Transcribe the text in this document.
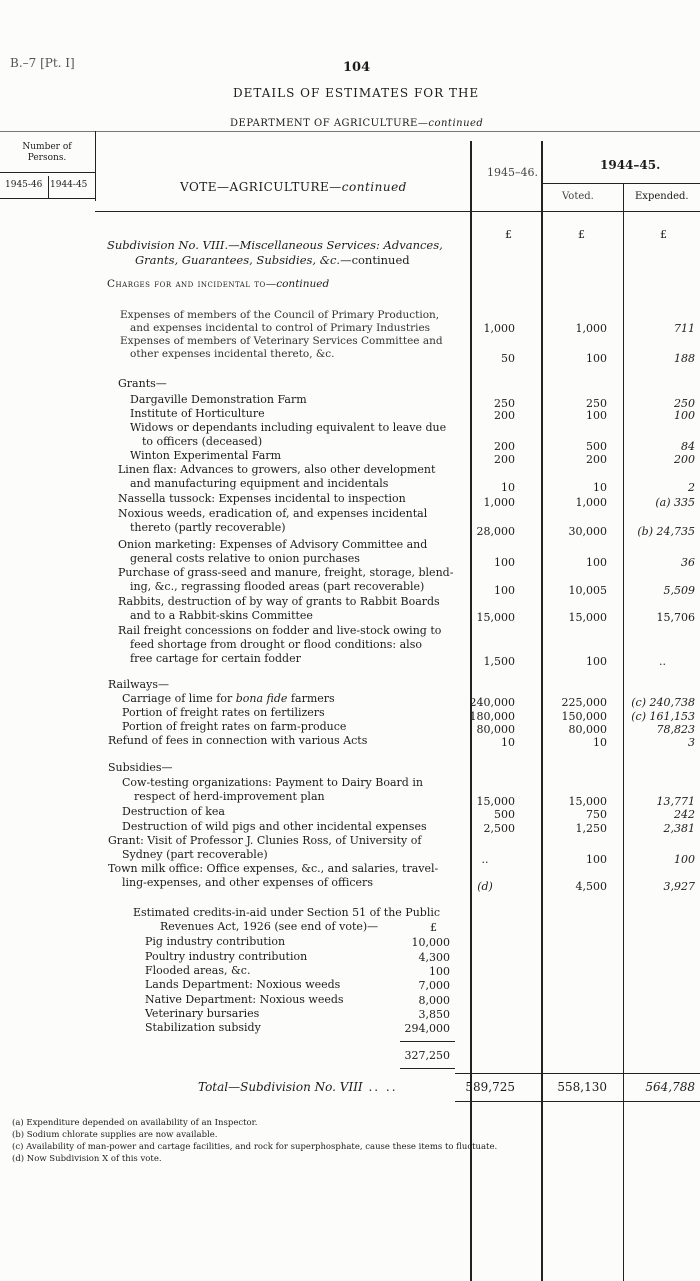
B.–7 [Pt. I]	104
DETAILS OF ESTIMATES FOR THE
DEPARTMENT OF AGRICULTURE—continued
Number of Persons.
1945-46 1944-45	VOTE—AGRICULTURE—continued
1945–46.
1944–45.
Voted.	Expended.
£	£	£
Subdivision No. VIII.—Miscellaneous Services: Advances,
Grants, Guarantees, Subsidies, &c.—continued
Charges for and incidental to—continued
Expenses of members of the Council of Primary Production,
and expenses incidental to control of Primary Industries	1,000	1,000	711
Expenses of members of Veterinary Services Committee and
other expenses incidental thereto, &c.	50	100	188
Grants—
Dargaville Demonstration Farm	250	250	250
Institute of Horticulture	200	100	100
Widows or dependants including equivalent to leave due
to officers (deceased)	200	500	84
Winton Experimental Farm	200	200	200
Linen flax: Advances to growers, also other development
and manufacturing equipment and incidentals	10	10	2
Nassella tussock: Expenses incidental to inspection	1,000	1,000	(a) 335
Noxious weeds, eradication of, and expenses incidental
thereto (partly recoverable)	28,000	30,000	(b) 24,735
Onion marketing: Expenses of Advisory Committee and
general costs relative to onion purchases	100	100	36
Purchase of grass-seed and manure, freight, storage, blend-
ing, &c., regrassing flooded areas (part recoverable)	100	10,005	5,509
Rabbits, destruction of by way of grants to Rabbit Boards
and to a Rabbit-skins Committee	15,000	15,000	15,706
Rail freight concessions on fodder and live-stock owing to
feed shortage from drought or flood conditions: also
free cartage for certain fodder	1,500	100	..
Railways—
Carriage of lime for bona fide farmers	240,000	225,000 (c) 240,738
Portion of freight rates on fertilizers	180,000	150,000 (c) 161,153
Portion of freight rates on farm-produce	80,000	80,000	78,823
Refund of fees in connection with various Acts	10	10	3
Subsidies—
Cow-testing organizations: Payment to Dairy Board in
respect of herd-improvement plan	15,000	15,000	13,771
Destruction of kea	500	750	242
Destruction of wild pigs and other incidental expenses	2,500	1,250	2,381
Grant: Visit of Professor J. Clunies Ross, of University of
Sydney (part recoverable)	..	100	100
Town milk office: Office expenses, &c., and salaries, travel-
ling-expenses, and other expenses of officers	(d)	4,500	3,927
Estimated credits-in-aid under Section 51 of the Public
Revenues Act, 1926 (see end of vote)—	£
Pig industry contribution	10,000
Poultry industry contribution	4,300
Flooded areas, &c.	100
Lands Department: Noxious weeds	7,000
Native Department: Noxious weeds	8,000
Veterinary bursaries	3,850
Stabilization subsidy	294,000
327,250
Total—Subdivision No. VIII .. ..	589,725	558,130	564,788
(a) Expenditure depended on availability of an Inspector.
(b) Sodium chlorate supplies are now available.
(c) Availability of man-power and cartage facilities, and rock for superphosphate, cause these items to fluctuate.
(d) Now Subdivision X of this vote.
